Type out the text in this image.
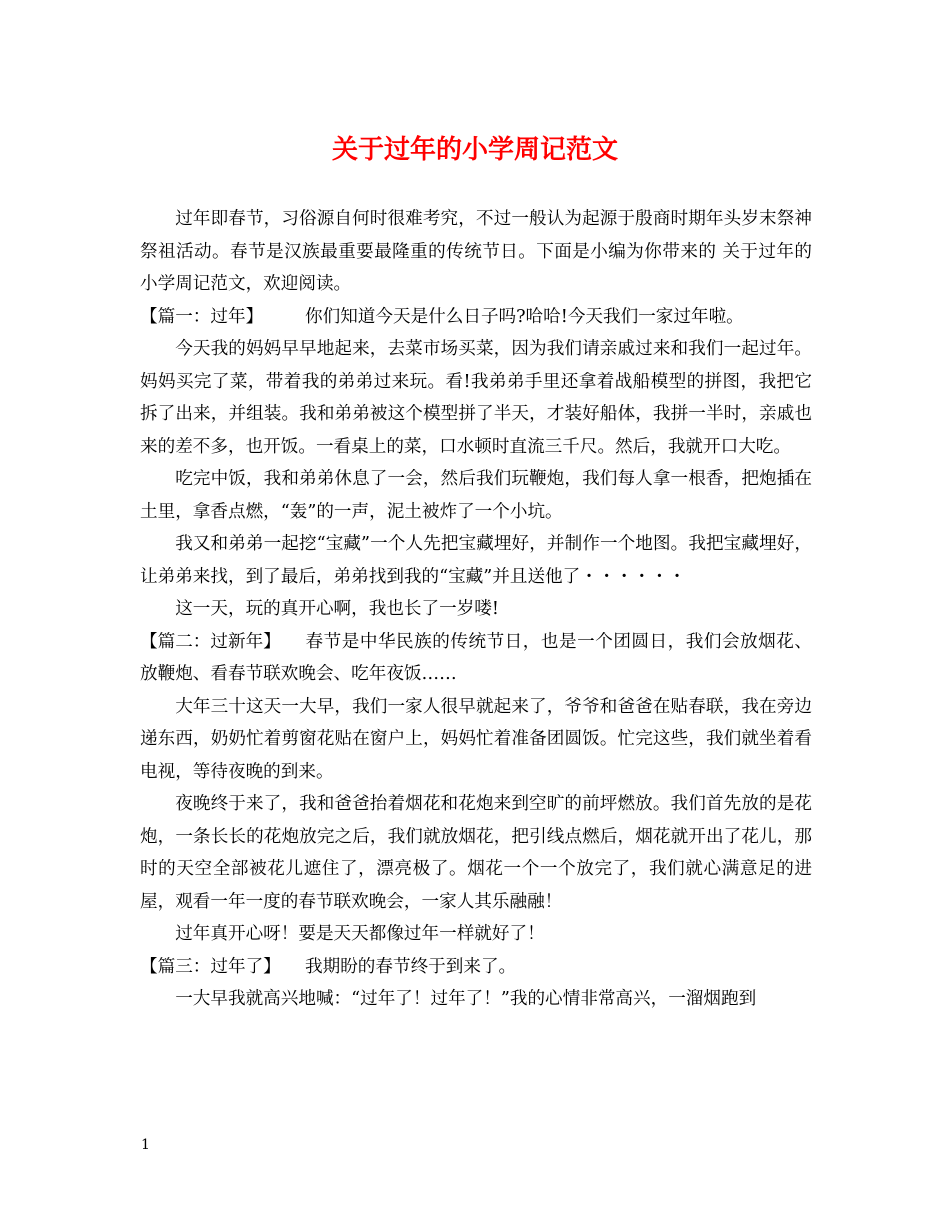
关于过年的小学周记范文

过年即春节，习俗源自何时很难考究，不过一般认为起源于殷商时期年头岁末祭神祭祖活动。春节是汉族最重要最隆重的传统节日。下面是小编为你带来的 关于过年的小学周记范文，欢迎阅读。

【篇一：过年】 你们知道今天是什么日子吗?哈哈!今天我们一家过年啦。

今天我的妈妈早早地起来，去菜市场买菜，因为我们请亲戚过来和我们一起过年。妈妈买完了菜，带着我的弟弟过来玩。看!我弟弟手里还拿着战船模型的拼图，我把它拆了出来，并组装。我和弟弟被这个模型拼了半天，才装好船体，我拼一半时，亲戚也来的差不多，也开饭。一看桌上的菜，口水顿时直流三千尺。然后，我就开口大吃。

吃完中饭，我和弟弟休息了一会，然后我们玩鞭炮，我们每人拿一根香，把炮插在土里，拿香点燃，“轰”的一声，泥土被炸了一个小坑。

我又和弟弟一起挖“宝藏”一个人先把宝藏埋好，并制作一个地图。我把宝藏埋好，让弟弟来找，到了最后，弟弟找到我的“宝藏”并且送他了・・・・・・

这一天，玩的真开心啊，我也长了一岁喽!

【篇二：过新年】 春节是中华民族的传统节日，也是一个团圆日，我们会放烟花、放鞭炮、看春节联欢晚会、吃年夜饭……

大年三十这天一大早，我们一家人很早就起来了，爷爷和爸爸在贴春联，我在旁边递东西，奶奶忙着剪窗花贴在窗户上，妈妈忙着准备团圆饭。忙完这些，我们就坐着看电视，等待夜晚的到来。

夜晚终于来了，我和爸爸抬着烟花和花炮来到空旷的前坪燃放。我们首先放的是花炮，一条长长的花炮放完之后，我们就放烟花，把引线点燃后，烟花就开出了花儿，那时的天空全部被花儿遮住了，漂亮极了。烟花一个一个放完了，我们就心满意足的进屋，观看一年一度的春节联欢晚会，一家人其乐融融！

过年真开心呀！要是天天都像过年一样就好了！

【篇三：过年了】 我期盼的春节终于到来了。

一大早我就高兴地喊：“过年了！过年了！”我的心情非常高兴，一溜烟跑到

1
